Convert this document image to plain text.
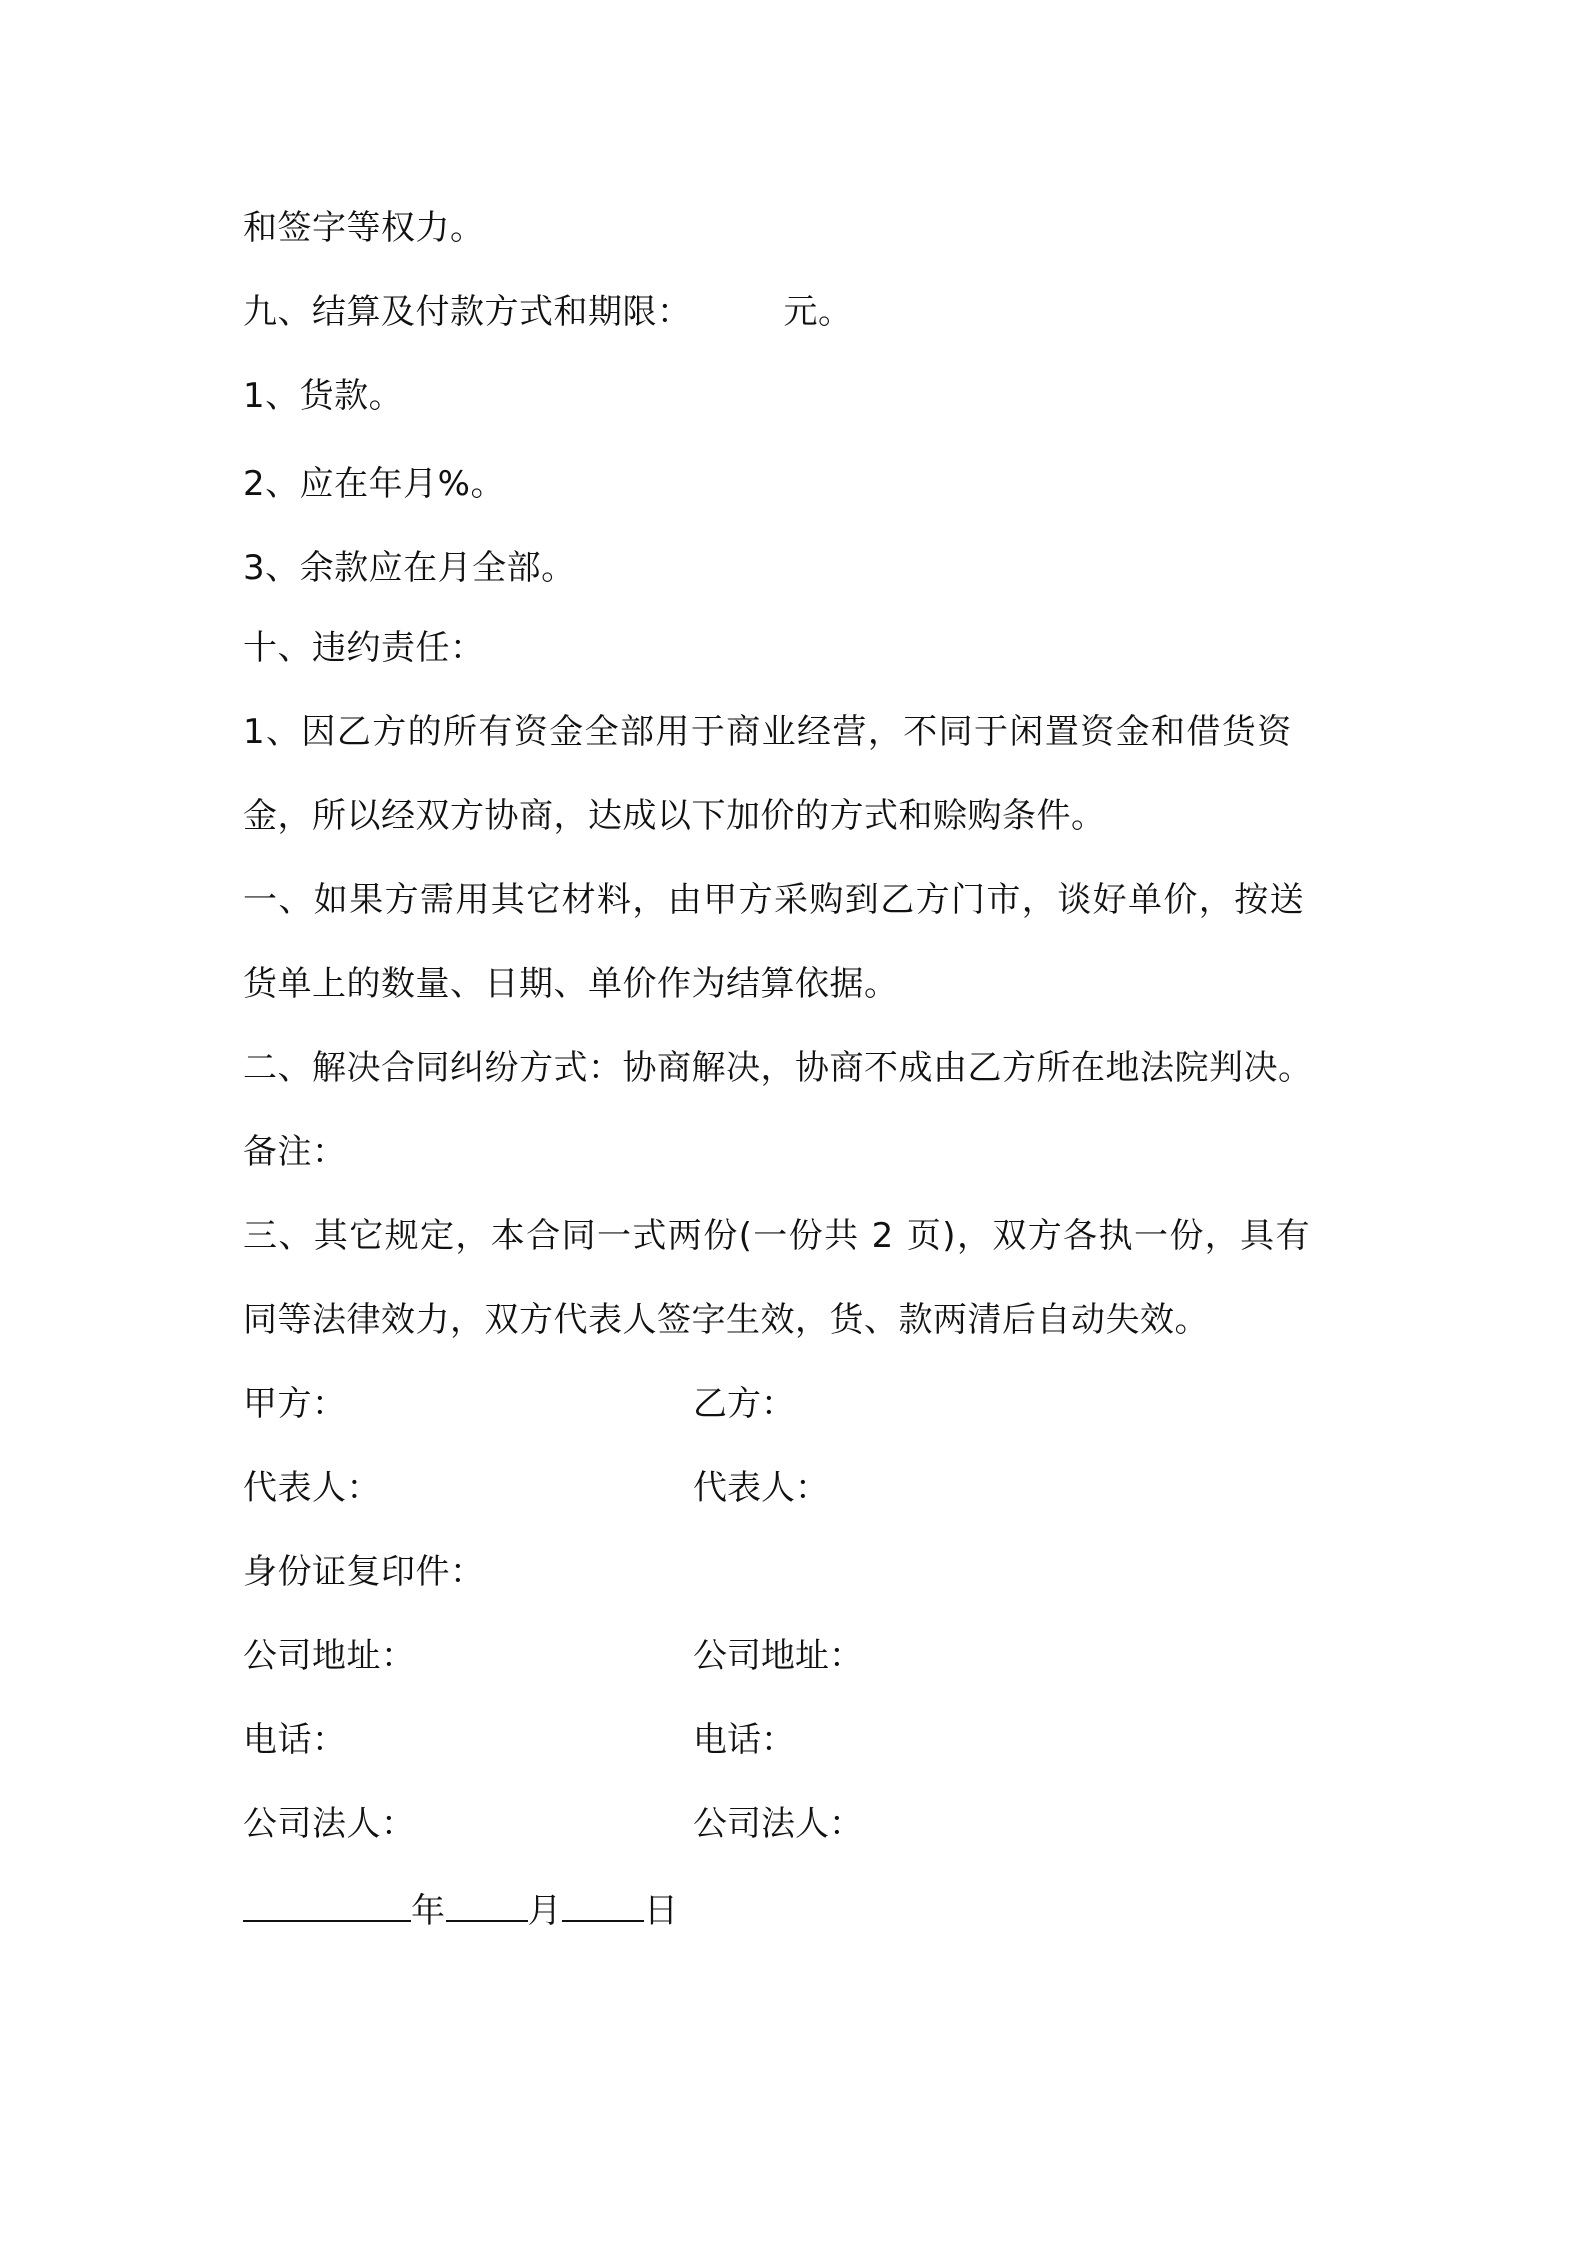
和签字等权力。
九、结算及付款方式和期限：	元。
1、货款。
2、应在年月%。
3、余款应在月全部。
十、违约责任：
1、因乙方的所有资金全部用于商业经营，不同于闲置资金和借货资
金，所以经双方协商，达成以下加价的方式和赊购条件。
一、如果方需用其它材料，由甲方采购到乙方门市，谈好单价，按送
货单上的数量、日期、单价作为结算依据。
二、解决合同纠纷方式：协商解决，协商不成由乙方所在地法院判决。
备注：
三、其它规定，本合同一式两份(一份共 2 页)，双方各执一份，具有
同等法律效力，双方代表人签字生效，货、款两清后自动失效。
甲方：	乙方：
代表人：	代表人：
身份证复印件：
公司地址：	公司地址：
电话：	电话：
公司法人：	公司法人：
年 月 日
